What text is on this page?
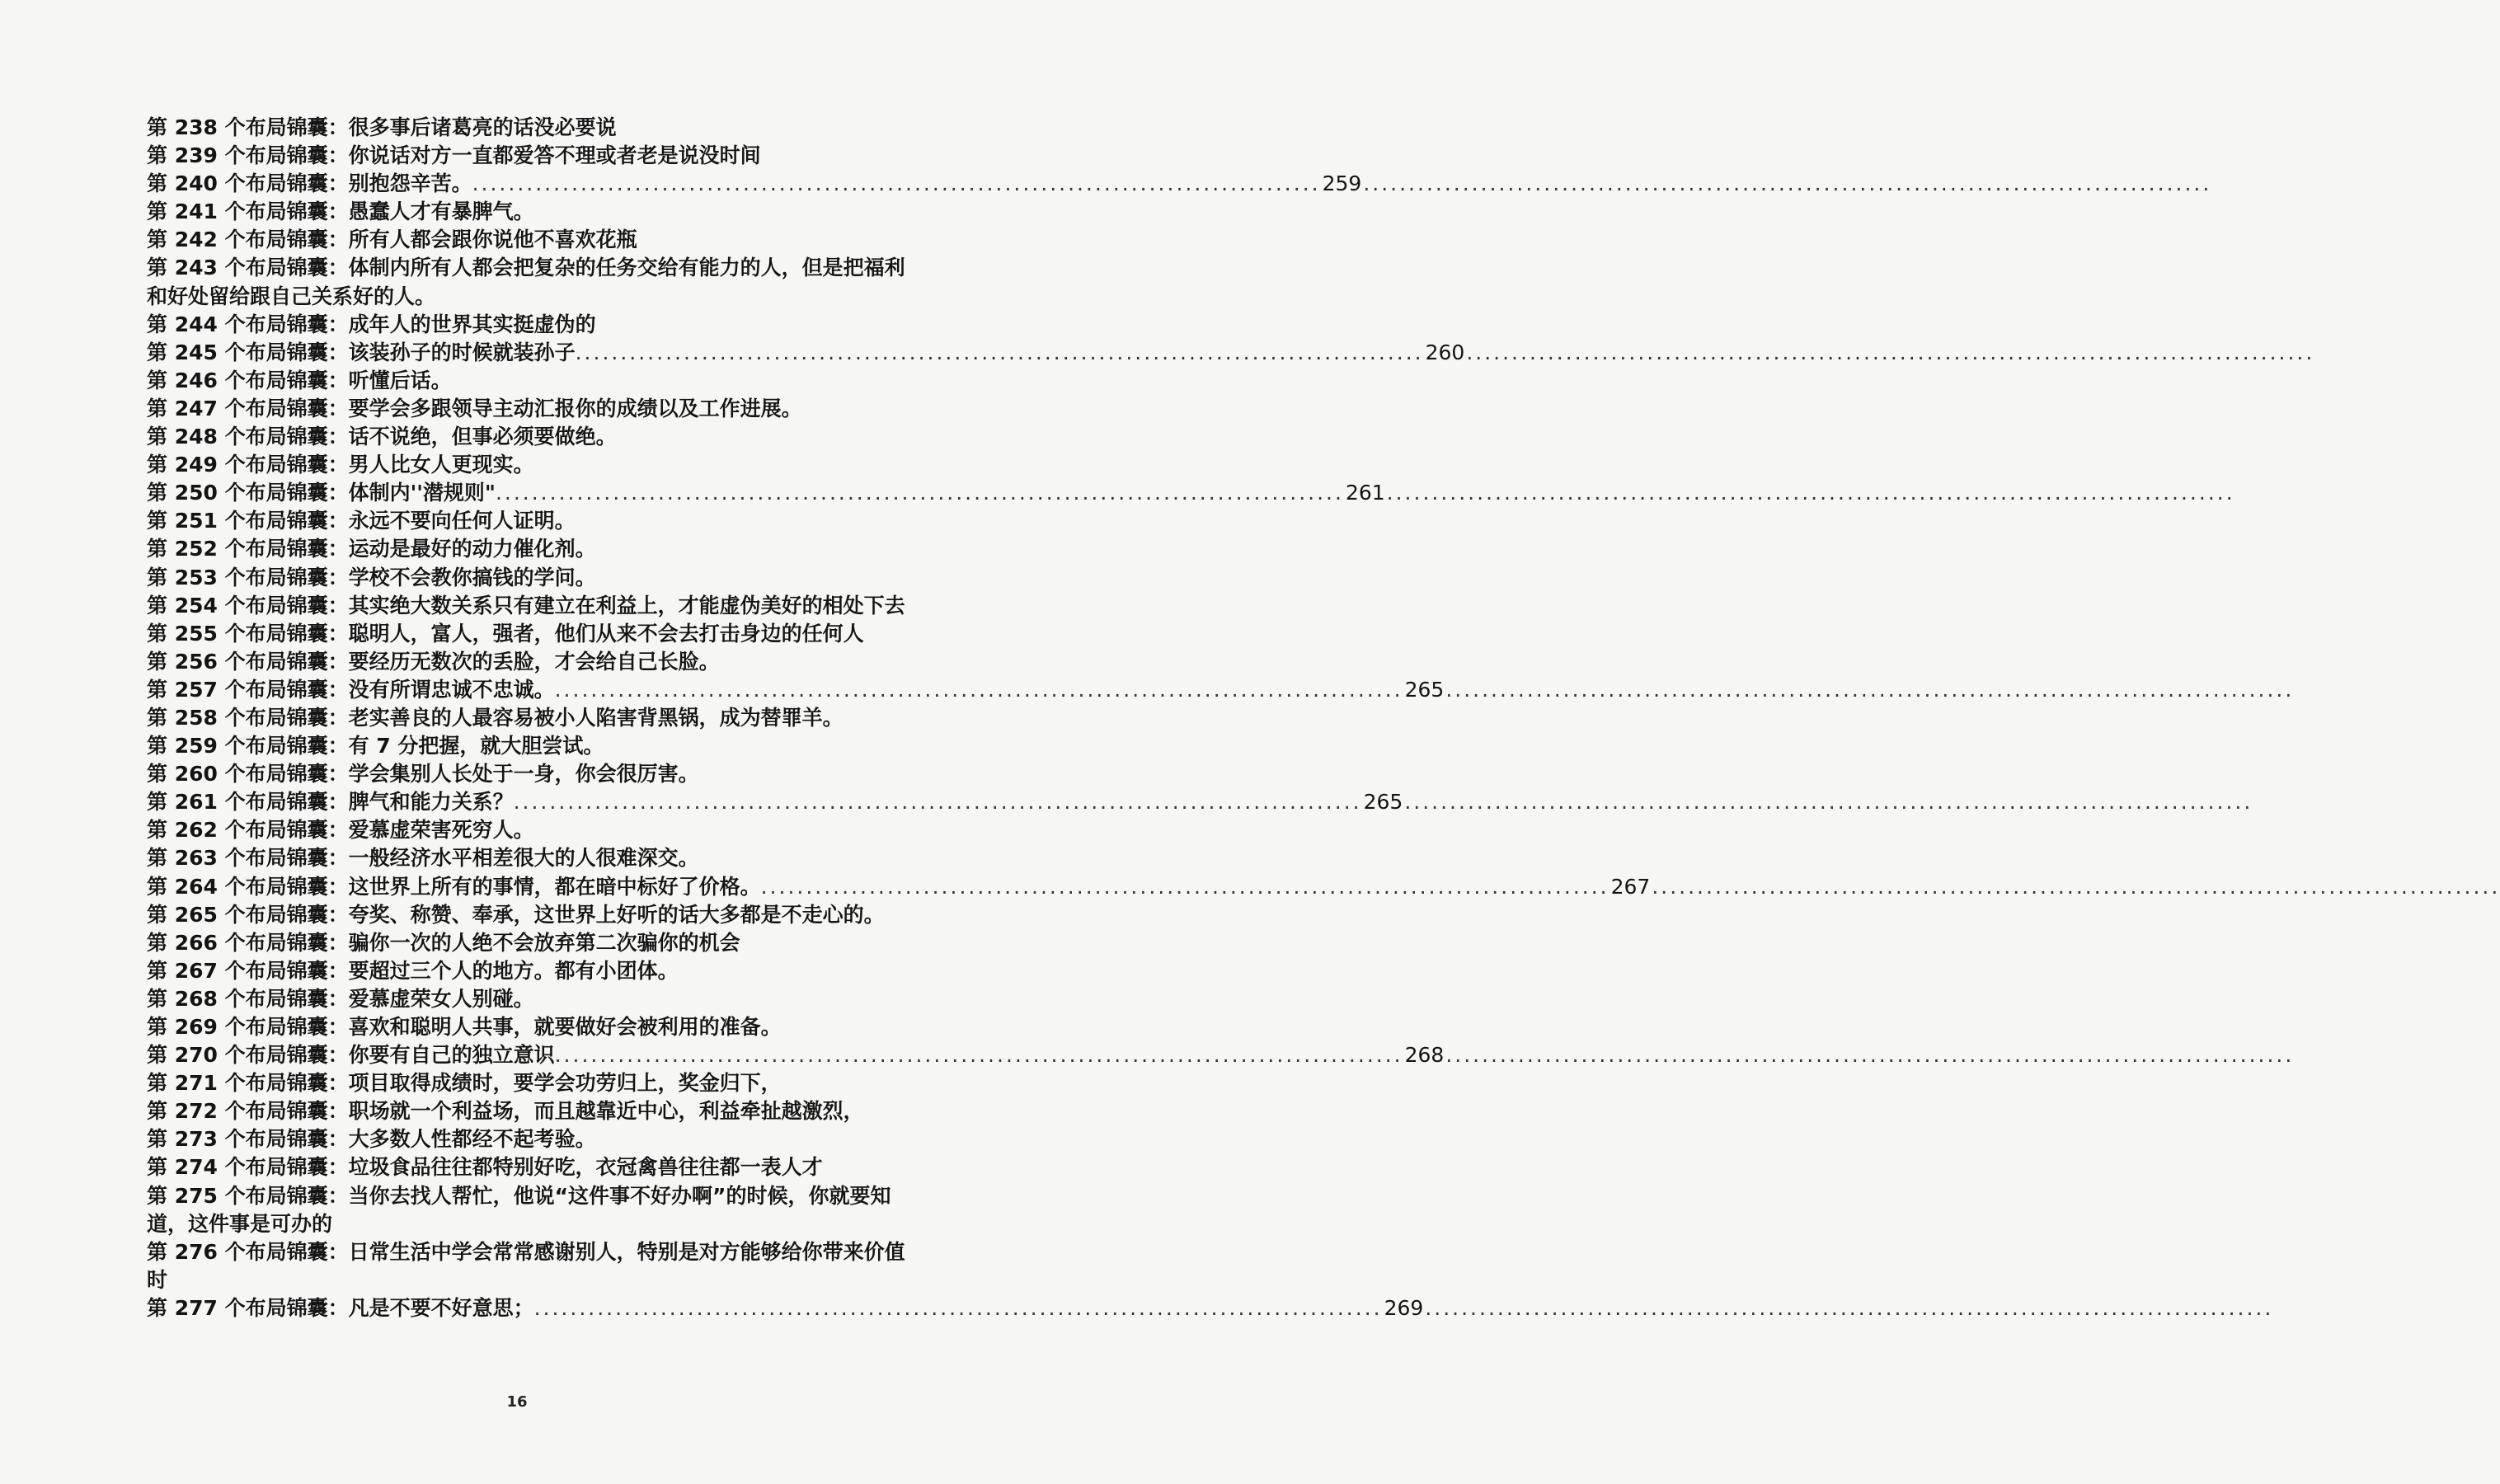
第 238 个布局锦囊：很多事后诸葛亮的话没必要说
第 239 个布局锦囊：你说话对方一直都爱答不理或者老是说没时间
第 240 个布局锦囊：别抱怨辛苦。 .............................................................................................. 259 ..............................................................................................
第 241 个布局锦囊：愚蠢人才有暴脾气。
第 242 个布局锦囊：所有人都会跟你说他不喜欢花瓶
第 243 个布局锦囊：体制内所有人都会把复杂的任务交给有能力的人，但是把福利和好处留给跟自己关系好的人。
第 244 个布局锦囊：成年人的世界其实挺虚伪的
第 245 个布局锦囊：该装孙子的时候就装孙子 .............................................................................................. 260 ..............................................................................................
第 246 个布局锦囊：听懂后话。
第 247 个布局锦囊：要学会多跟领导主动汇报你的成绩以及工作进展。
第 248 个布局锦囊：话不说绝，但事必须要做绝。
第 249 个布局锦囊：男人比女人更现实。
第 250 个布局锦囊：体制内''潜规则" .............................................................................................. 261 ..............................................................................................
第 251 个布局锦囊：永远不要向任何人证明。
第 252 个布局锦囊：运动是最好的动力催化剂。
第 253 个布局锦囊：学校不会教你搞钱的学问。
第 254 个布局锦囊：其实绝大数关系只有建立在利益上，才能虚伪美好的相处下去
第 255 个布局锦囊：聪明人，富人，强者，他们从来不会去打击身边的任何人
第 256 个布局锦囊：要经历无数次的丢脸，才会给自己长脸。
第 257 个布局锦囊：没有所谓忠诚不忠诚。 .............................................................................................. 265 ..............................................................................................
第 258 个布局锦囊：老实善良的人最容易被小人陷害背黑锅，成为替罪羊。
第 259 个布局锦囊：有 7 分把握，就大胆尝试。
第 260 个布局锦囊：学会集别人长处于一身，你会很厉害。
第 261 个布局锦囊：脾气和能力关系？ .............................................................................................. 265 ..............................................................................................
第 262 个布局锦囊：爱慕虚荣害死穷人。
第 263 个布局锦囊：一般经济水平相差很大的人很难深交。
第 264 个布局锦囊：这世界上所有的事情，都在暗中标好了价格。 .............................................................................................. 267 ..............................................................................................
第 265 个布局锦囊：夸奖、称赞、奉承，这世界上好听的话大多都是不走心的。
第 266 个布局锦囊：骗你一次的人绝不会放弃第二次骗你的机会
第 267 个布局锦囊：要超过三个人的地方。都有小团体。
第 268 个布局锦囊：爱慕虚荣女人别碰。
第 269 个布局锦囊：喜欢和聪明人共事，就要做好会被利用的准备。
第 270 个布局锦囊：你要有自己的独立意识 .............................................................................................. 268 ..............................................................................................
第 271 个布局锦囊：项目取得成绩时，要学会功劳归上，奖金归下，
第 272 个布局锦囊：职场就一个利益场，而且越靠近中心，利益牵扯越激烈，
第 273 个布局锦囊：大多数人性都经不起考验。
第 274 个布局锦囊：垃圾食品往往都特别好吃，衣冠禽兽往往都一表人才
第 275 个布局锦囊：当你去找人帮忙，他说“这件事不好办啊”的时候，你就要知道，这件事是可办的
第 276 个布局锦囊：日常生活中学会常常感谢别人，特别是对方能够给你带来价值时
第 277 个布局锦囊：凡是不要不好意思； .............................................................................................. 269 ..............................................................................................
16
